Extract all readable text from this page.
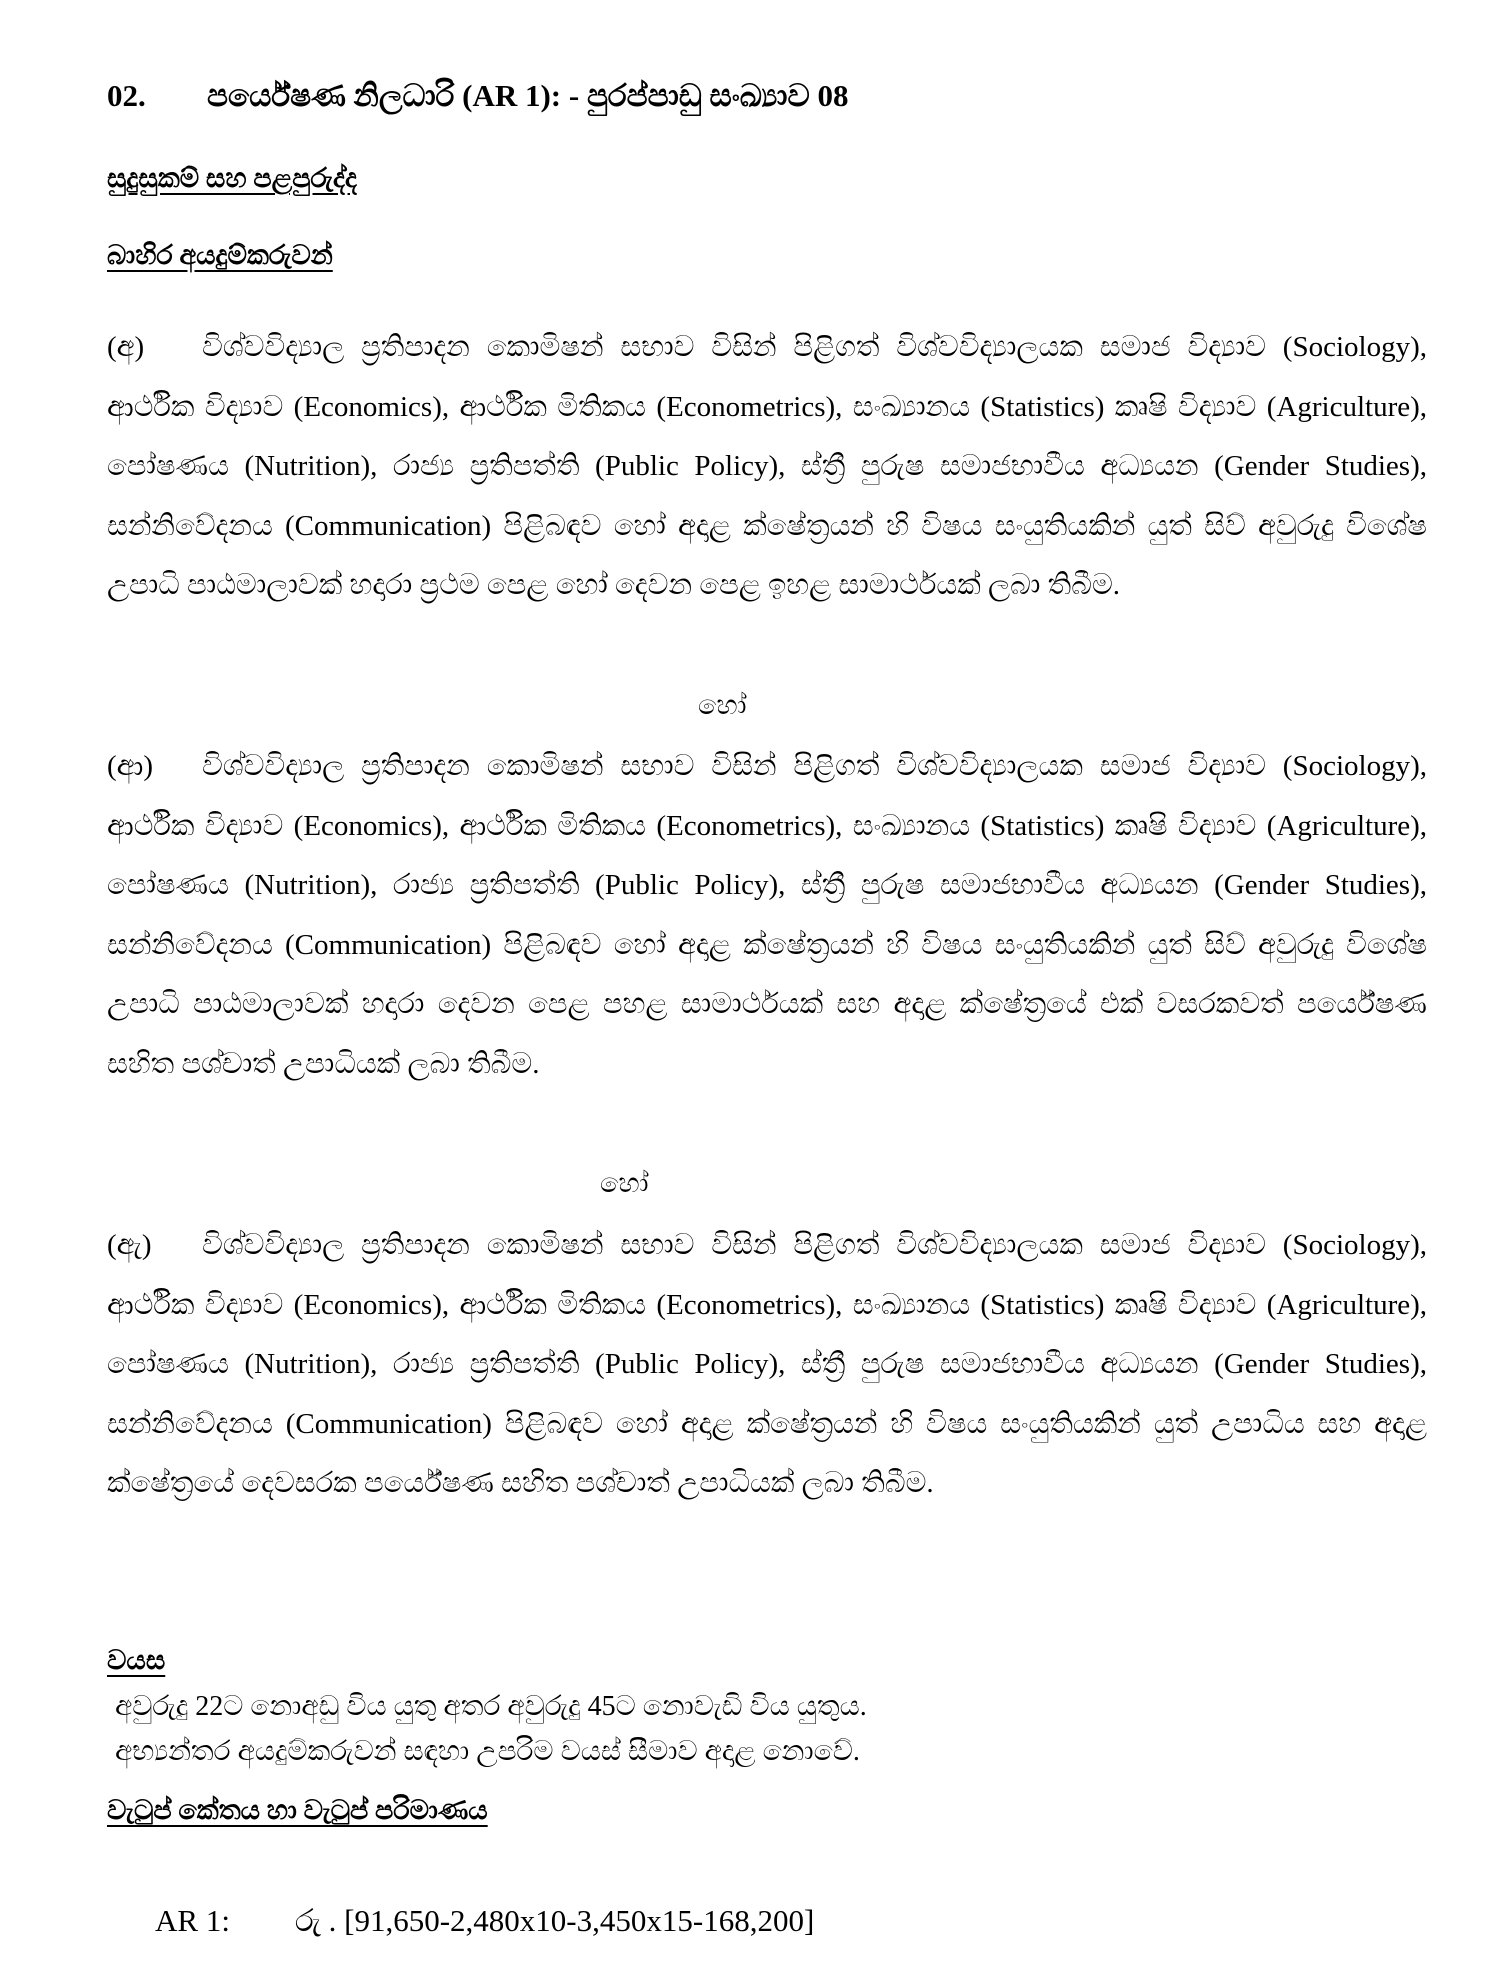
02. පර්යේෂණ නිලධාරි (AR 1): - පුරප්පාඩු සංඛ්‍යාව 08
සුදුසුකම් සහ පළපුරුද්ද
බාහිර අයදුම්කරුවන්
(අ) විශ්වවිද්‍යාල ප්‍රතිපාදන කොමිෂන් සභාව විසින් පිළිගත් විශ්වවිද්‍යාලයක සමාජ විද්‍යාව (Sociology), ආර්ථික විද්‍යාව (Economics), ආර්ථික මිතිකය (Econometrics), සංඛ්‍යානය (Statistics) කෘෂි විද්‍යාව (Agriculture), පෝෂණය (Nutrition), රාජ්‍ය ප්‍රතිපත්ති (Public Policy), ස්ත්‍රී පුරුෂ සමාජභාවීය අධ්‍යයන (Gender Studies), සන්නිවේදනය (Communication) පිළිබඳව හෝ අදාළ ක්ෂේත්‍රයන් හි විෂය සංයුතියකින් යුත් සිව් අවුරුදු විශේෂ උපාධි පාඨමාලාවක් හදාරා ප්‍රථම පෙළ හෝ දෙවන පෙළ ඉහළ සාමාර්ථයක් ලබා තිබීම.
හෝ
(ආ) විශ්වවිද්‍යාල ප්‍රතිපාදන කොමිෂන් සභාව විසින් පිළිගත් විශ්වවිද්‍යාලයක සමාජ විද්‍යාව (Sociology), ආර්ථික විද්‍යාව (Economics), ආර්ථික මිතිකය (Econometrics), සංඛ්‍යානය (Statistics) කෘෂි විද්‍යාව (Agriculture), පෝෂණය (Nutrition), රාජ්‍ය ප්‍රතිපත්ති (Public Policy), ස්ත්‍රී පුරුෂ සමාජභාවීය අධ්‍යයන (Gender Studies), සන්නිවේදනය (Communication) පිළිබඳව හෝ අදාළ ක්ෂේත්‍රයන් හි විෂය සංයුතියකින් යුත් සිව් අවුරුදු විශේෂ උපාධි පාඨමාලාවක් හදාරා දෙවන පෙළ පහළ සාමාර්ථයක් සහ අදාළ ක්ෂේත්‍රයේ එක් වසරකවත් පර්යේෂණ සහිත පශ්චාත් උපාධියක් ලබා තිබීම.
හෝ
(ඇ) විශ්වවිද්‍යාල ප්‍රතිපාදන කොමිෂන් සභාව විසින් පිළිගත් විශ්වවිද්‍යාලයක සමාජ විද්‍යාව (Sociology), ආර්ථික විද්‍යාව (Economics), ආර්ථික මිතිකය (Econometrics), සංඛ්‍යානය (Statistics) කෘෂි විද්‍යාව (Agriculture), පෝෂණය (Nutrition), රාජ්‍ය ප්‍රතිපත්ති (Public Policy), ස්ත්‍රී පුරුෂ සමාජභාවීය අධ්‍යයන (Gender Studies), සන්නිවේදනය (Communication) පිළිබඳව හෝ අදාළ ක්ෂේත්‍රයන් හි විෂය සංයුතියකින් යුත් උපාධිය සහ අදාළ ක්ෂේත්‍රයේ දෙවසරක පර්යේෂණ සහිත පශ්චාත් උපාධියක් ලබා තිබීම.
වයස
අවුරුදු 22ට නොඅඩු විය යුතු අතර අවුරුදු 45ට නොවැඩි විය යුතුය.
අභ්‍යන්තර අයදුම්කරුවන් සඳහා උපරිම වයස් සීමාව අදාළ නොවේ.
වැටුප් කේතය හා වැටුප් පරිමාණය
AR 1: රු . [91,650-2,480x10-3,450x15-168,200]
